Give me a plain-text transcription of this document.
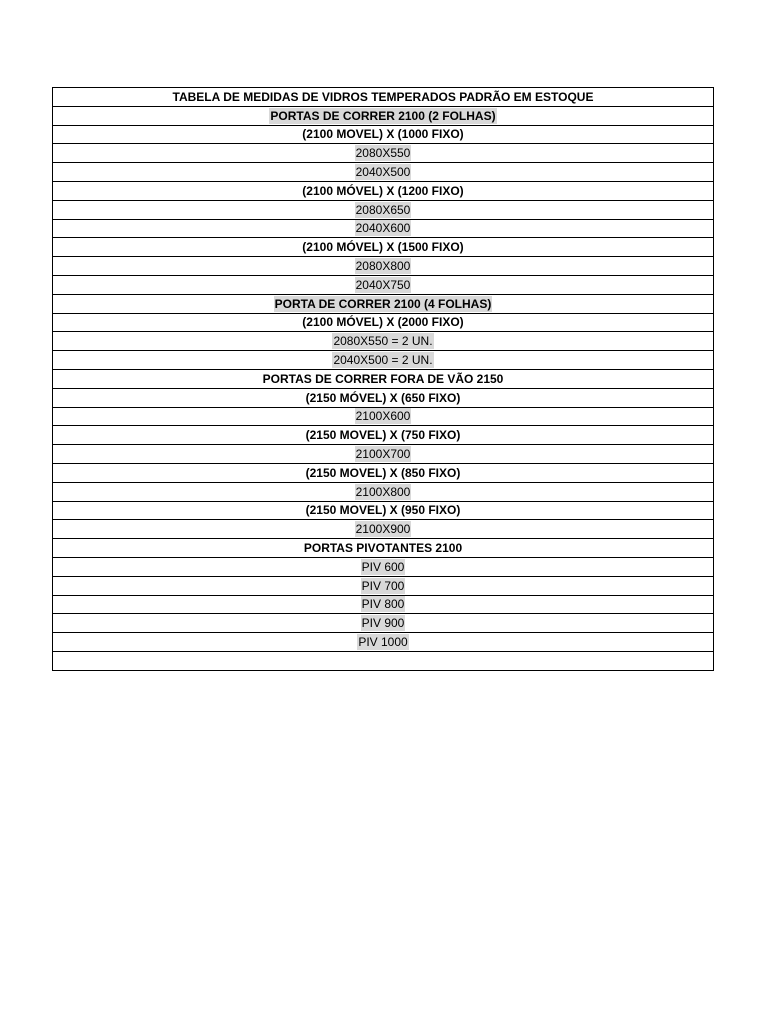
TABELA DE MEDIDAS DE VIDROS TEMPERADOS PADRÃO EM ESTOQUE
PORTAS DE CORRER 2100 (2 FOLHAS)
(2100 MOVEL) X (1000 FIXO)
2080X550
2040X500
(2100 MÓVEL) X (1200 FIXO)
2080X650
2040X600
(2100 MÓVEL) X (1500 FIXO)
2080X800
2040X750
PORTA DE CORRER 2100 (4 FOLHAS)
(2100 MÓVEL) X (2000 FIXO)
2080X550 = 2 UN.
2040X500 = 2 UN.
PORTAS DE CORRER FORA DE VÃO 2150
(2150 MÓVEL) X (650 FIXO)
2100X600
(2150 MOVEL) X (750 FIXO)
2100X700
(2150 MOVEL) X (850 FIXO)
2100X800
(2150 MOVEL) X (950 FIXO)
2100X900
PORTAS PIVOTANTES 2100
PIV 600
PIV 700
PIV 800
PIV 900
PIV 1000
